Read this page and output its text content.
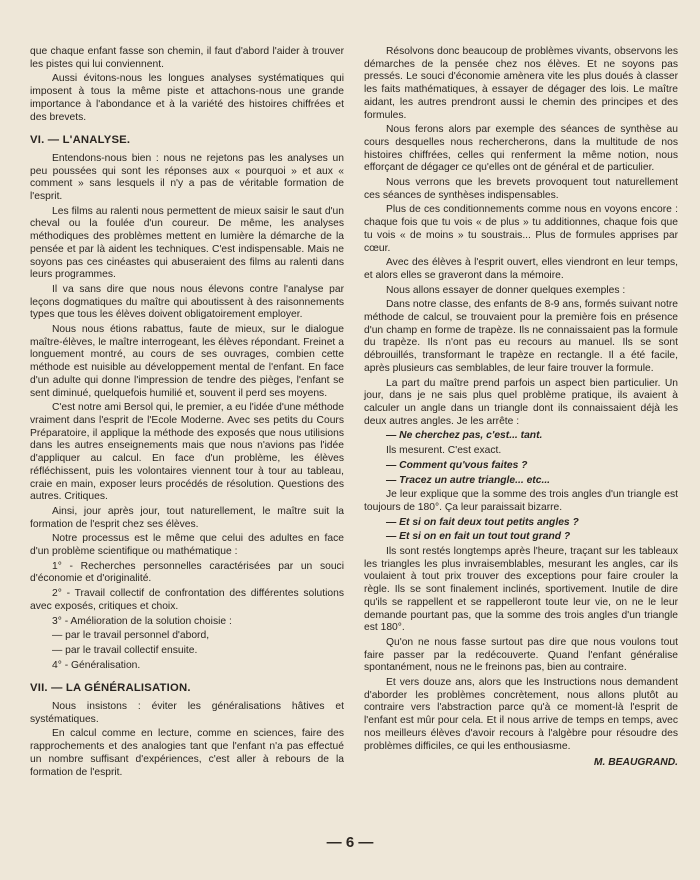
que chaque enfant fasse son chemin, il faut d'abord l'aider à trouver les pistes qui lui conviennent.

Aussi évitons-nous les longues analyses systématiques qui imposent à tous la même piste et attachons-nous une grande importance à l'abondance et à la variété des histoires chiffrées et des brevets.

VI. — L'ANALYSE.

Entendons-nous bien : nous ne rejetons pas les analyses un peu poussées qui sont les réponses aux « pourquoi » et aux « comment » sans lesquels il n'y a pas de véritable formation de l'esprit.

Les films au ralenti nous permettent de mieux saisir le saut d'un cheval ou la foulée d'un coureur. De même, les analyses méthodiques des problèmes mettent en lumière la démarche de la pensée et par là aident les techniques. C'est indispensable. Mais ne soyons pas ces cinéastes qui abuseraient des films au ralenti dans leurs programmes.

Il va sans dire que nous nous élevons contre l'analyse par leçons dogmatiques du maître qui aboutissent à des raisonnements types que tous les élèves doivent obligatoirement employer.

Nous nous étions rabattus, faute de mieux, sur le dialogue maître-élèves, le maître interrogeant, les élèves répondant. Freinet a longuement montré, au cours de ses ouvrages, combien cette méthode est nuisible au développement mental de l'enfant. En face d'un adulte qui donne l'impression de tendre des pièges, l'enfant se sent diminué, quelquefois humilié et, souvent il perd ses moyens.

C'est notre ami Bersol qui, le premier, a eu l'idée d'une méthode vraiment dans l'esprit de l'Ecole Moderne. Avec ses petits du Cours Préparatoire, il applique la méthode des exposés que nous utilisions dans les autres enseignements mais que nous n'avions pas l'idée d'appliquer au calcul. En face d'un problème, les élèves réfléchissent, puis les volontaires viennent tour à tour au tableau, craie en main, exposer leurs procédés de résolution. Questions des autres. Critiques.

Ainsi, jour après jour, tout naturellement, le maître suit la formation de l'esprit chez ses élèves.

Notre processus est le même que celui des adultes en face d'un problème scientifique ou mathématique :

1° - Recherches personnelles caractérisées par un souci d'économie et d'originalité.

2° - Travail collectif de confrontation des différentes solutions avec exposés, critiques et choix.

3° - Amélioration de la solution choisie :

— par le travail personnel d'abord,

— par le travail collectif ensuite.

4° - Généralisation.

VII. — LA GÉNÉRALISATION.

Nous insistons : éviter les généralisations hâtives et systématiques.

En calcul comme en lecture, comme en sciences, faire des rapprochements et des analogies tant que l'enfant n'a pas effectué un nombre suffisant d'expériences, c'est aller à rebours de la formation de l'esprit.

Résolvons donc beaucoup de problèmes vivants, observons les démarches de la pensée chez nos élèves. Et ne soyons pas pressés. Le souci d'économie amènera vite les plus doués à classer les faits mathématiques, à essayer de dégager des lois. Le maître aidant, les autres prendront aussi le chemin des principes et des formules.

Nous ferons alors par exemple des séances de synthèse au cours desquelles nous rechercherons, dans la multitude de nos histoires chiffrées, celles qui renferment la même notion, nous efforçant de dégager ce qu'elles ont de général et de particulier.

Nous verrons que les brevets provoquent tout naturellement ces séances de synthèses indispensables.

Plus de ces conditionnements comme nous en voyons encore : chaque fois que tu vois « de plus » tu additionnes, chaque fois que tu vois « de moins » tu soustrais... Plus de formules apprises par cœur.

Avec des élèves à l'esprit ouvert, elles viendront en leur temps, et alors elles se graveront dans la mémoire.

Nous allons essayer de donner quelques exemples :

Dans notre classe, des enfants de 8-9 ans, formés suivant notre méthode de calcul, se trouvaient pour la première fois en présence d'un champ en forme de trapèze. Ils ne connaissaient pas la formule du trapèze. Ils n'ont pas eu recours au manuel. Ils se sont débrouillés, transformant le trapèze en rectangle. Il a été facile, après plusieurs cas semblables, de leur faire trouver la formule.

La part du maître prend parfois un aspect bien particulier. Un jour, dans je ne sais plus quel problème pratique, ils avaient à calculer un angle dans un triangle dont ils connaissaient déjà les deux autres angles. Je les arrête :

— Ne cherchez pas, c'est... tant.

Ils mesurent. C'est exact.

— Comment qu'vous faites ?

— Tracez un autre triangle... etc...

Je leur explique que la somme des trois angles d'un triangle est toujours de 180°. Ça leur paraissait bizarre.

— Et si on fait deux tout petits angles ?

— Et si on en fait un tout tout grand ?

Ils sont restés longtemps après l'heure, traçant sur les tableaux les triangles les plus invraisemblables, mesurant les angles, car ils voulaient à tout prix trouver des exceptions pour faire crouler la règle. Ils se sont finalement inclinés, sportivement. Inutile de dire qu'ils se rappellent et se rappelleront toute leur vie, on ne le leur demande pourtant pas, que la somme des trois angles d'un triangle est 180°.

Qu'on ne nous fasse surtout pas dire que nous voulons tout faire passer par la redécouverte. Quand l'enfant généralise spontanément, nous ne le freinons pas, bien au contraire.

Et vers douze ans, alors que les Instructions nous demandent d'aborder les problèmes concrètement, nous allons plutôt au contraire vers l'abstraction parce qu'à ce moment-là l'esprit de l'enfant est mûr pour cela. Et il nous arrive de temps en temps, avec nos meilleurs élèves d'avoir recours à l'algèbre pour résoudre des problèmes difficiles, ce qui les enthousiasme.

M. BEAUGRAND.

— 6 —
